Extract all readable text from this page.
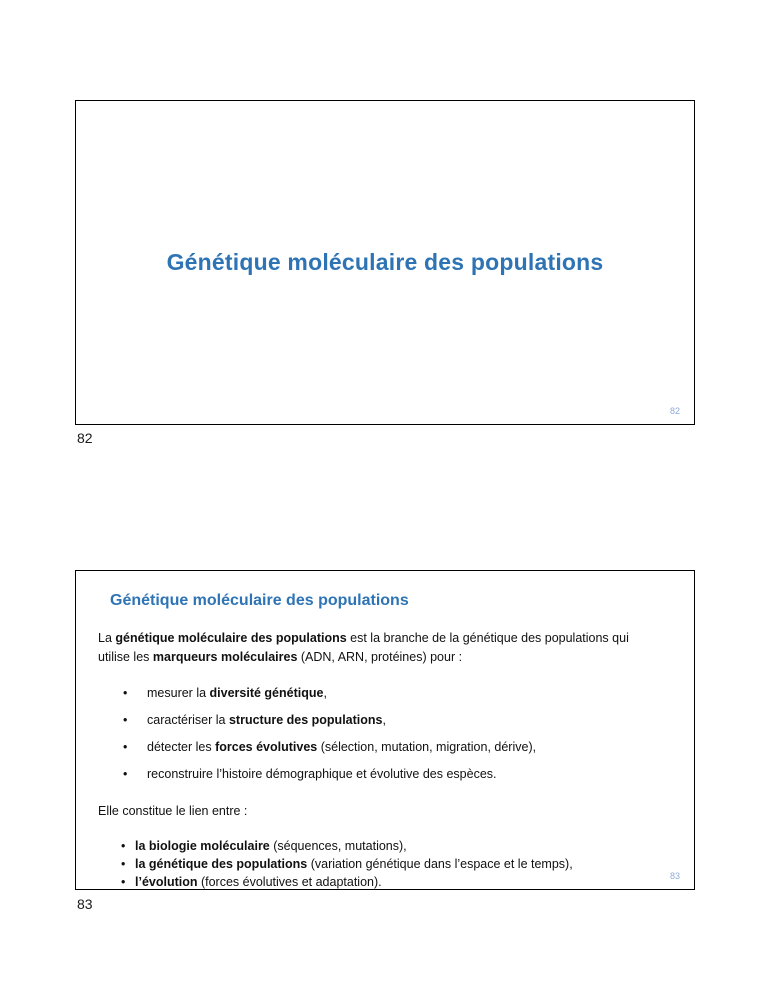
Génétique moléculaire des populations
82
82
Génétique moléculaire des populations

La génétique moléculaire des populations est la branche de la génétique des populations qui utilise les marqueurs moléculaires (ADN, ARN, protéines) pour :

• mesurer la diversité génétique,
• caractériser la structure des populations,
• détecter les forces évolutives (sélection, mutation, migration, dérive),
• reconstruire l’histoire démographique et évolutive des espèces.

Elle constitue le lien entre :

• la biologie moléculaire (séquences, mutations),
• la génétique des populations (variation génétique dans l’espace et le temps),
• l’évolution (forces évolutives et adaptation).	83
83
